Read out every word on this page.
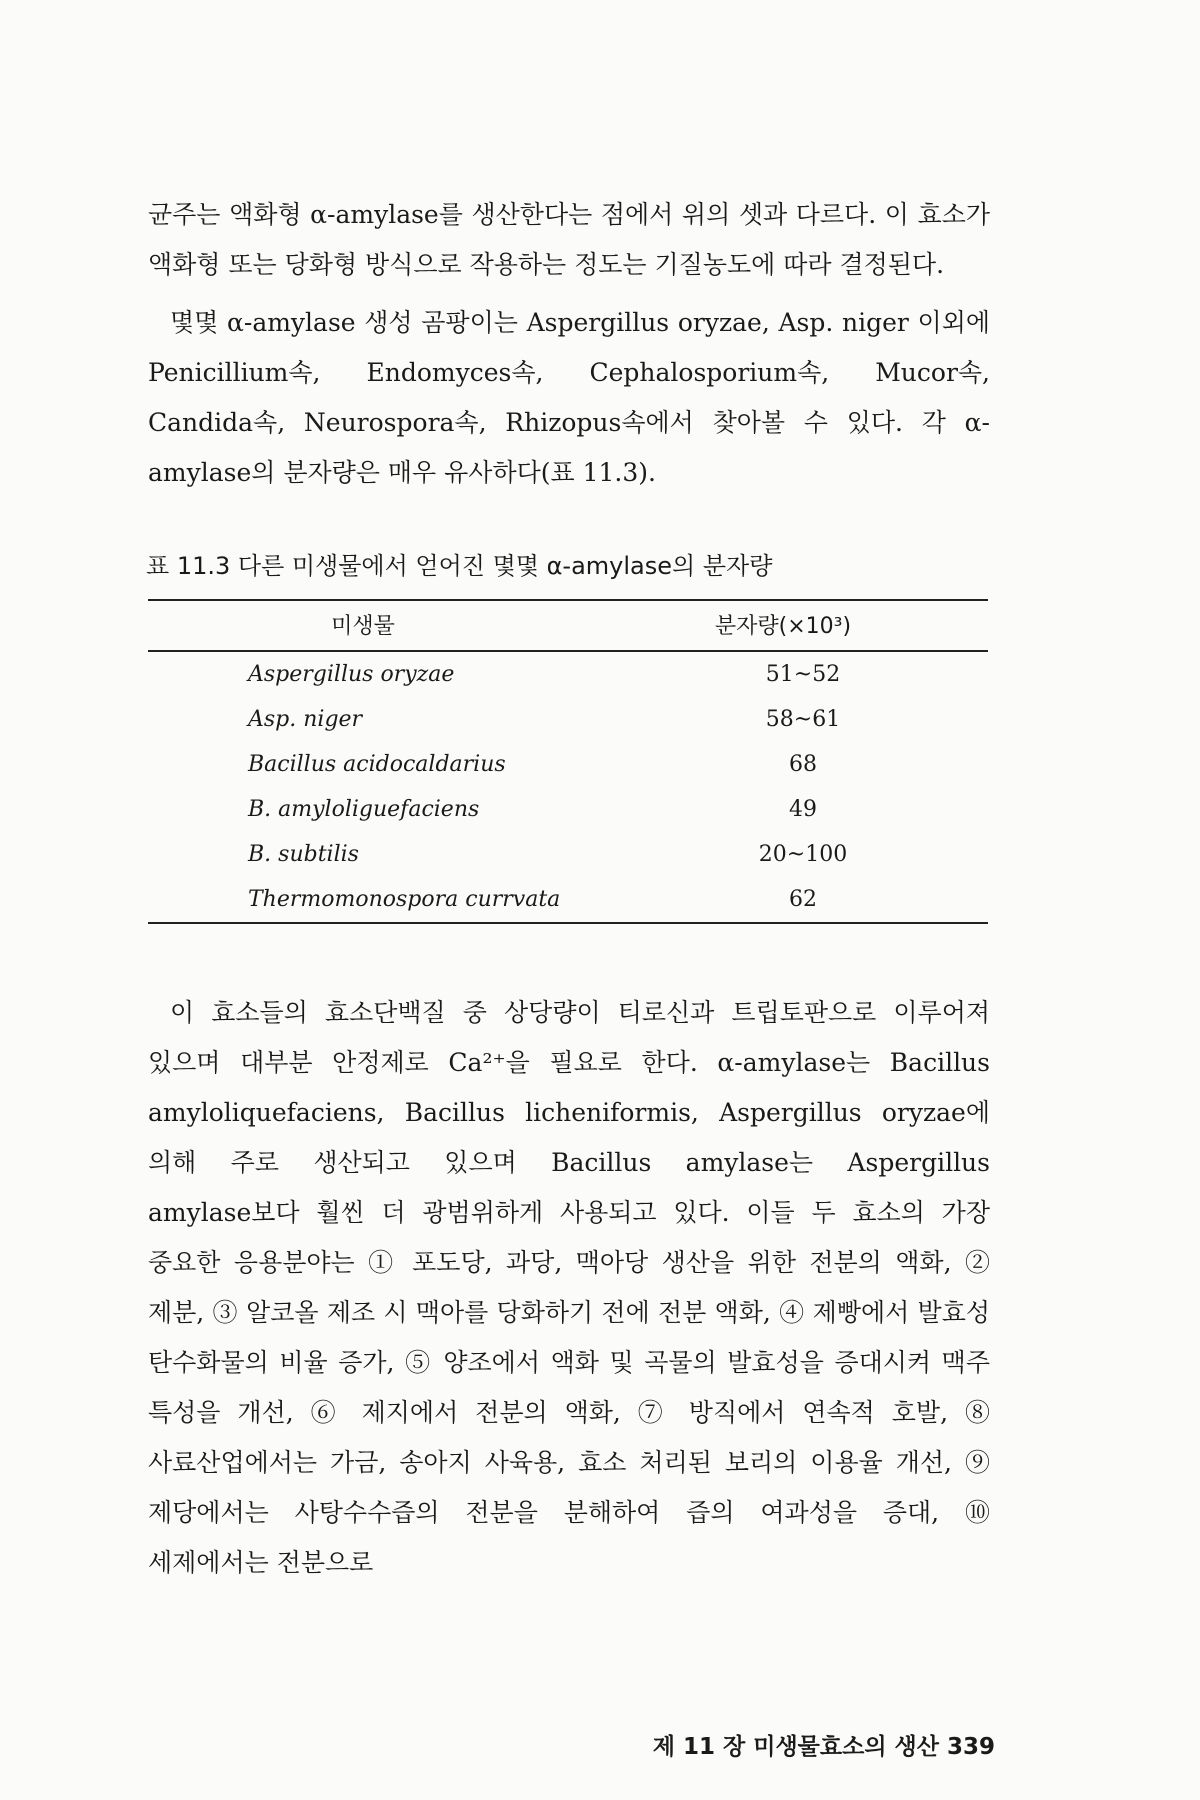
균주는 액화형 α-amylase를 생산한다는 점에서 위의 셋과 다르다. 이 효소가 액화형 또는 당화형 방식으로 작용하는 정도는 기질농도에 따라 결정된다.

몇몇 α-amylase 생성 곰팡이는 Aspergillus oryzae, Asp. niger 이외에 Penicillium속, Endomyces속, Cephalosporium속, Mucor속, Candida속, Neurospora속, Rhizopus속에서 찾아볼 수 있다. 각 α-amylase의 분자량은 매우 유사하다(표 11.3).

표 11.3 다른 미생물에서 얻어진 몇몇 α-amylase의 분자량

미생물	분자량(×10³)
Aspergillus oryzae	51~52
Asp. niger	58~61
Bacillus acidocaldarius	68
B. amyloliguefaciens	49
B. subtilis	20~100
Thermomonospora currvata	62

이 효소들의 효소단백질 중 상당량이 티로신과 트립토판으로 이루어져 있으며 대부분 안정제로 Ca²⁺을 필요로 한다. α-amylase는 Bacillus amyloliquefaciens, Bacillus licheniformis, Aspergillus oryzae에 의해 주로 생산되고 있으며 Bacillus amylase는 Aspergillus amylase보다 훨씬 더 광범위하게 사용되고 있다. 이들 두 효소의 가장 중요한 응용분야는 ① 포도당, 과당, 맥아당 생산을 위한 전분의 액화, ② 제분, ③ 알코올 제조 시 맥아를 당화하기 전에 전분 액화, ④ 제빵에서 발효성 탄수화물의 비율 증가, ⑤ 양조에서 액화 및 곡물의 발효성을 증대시켜 맥주 특성을 개선, ⑥ 제지에서 전분의 액화, ⑦ 방직에서 연속적 호발, ⑧ 사료산업에서는 가금, 송아지 사육용, 효소 처리된 보리의 이용율 개선, ⑨ 제당에서는 사탕수수즙의 전분을 분해하여 즙의 여과성을 증대, ⑩ 세제에서는 전분으로

제 11 장 미생물효소의 생산 339
